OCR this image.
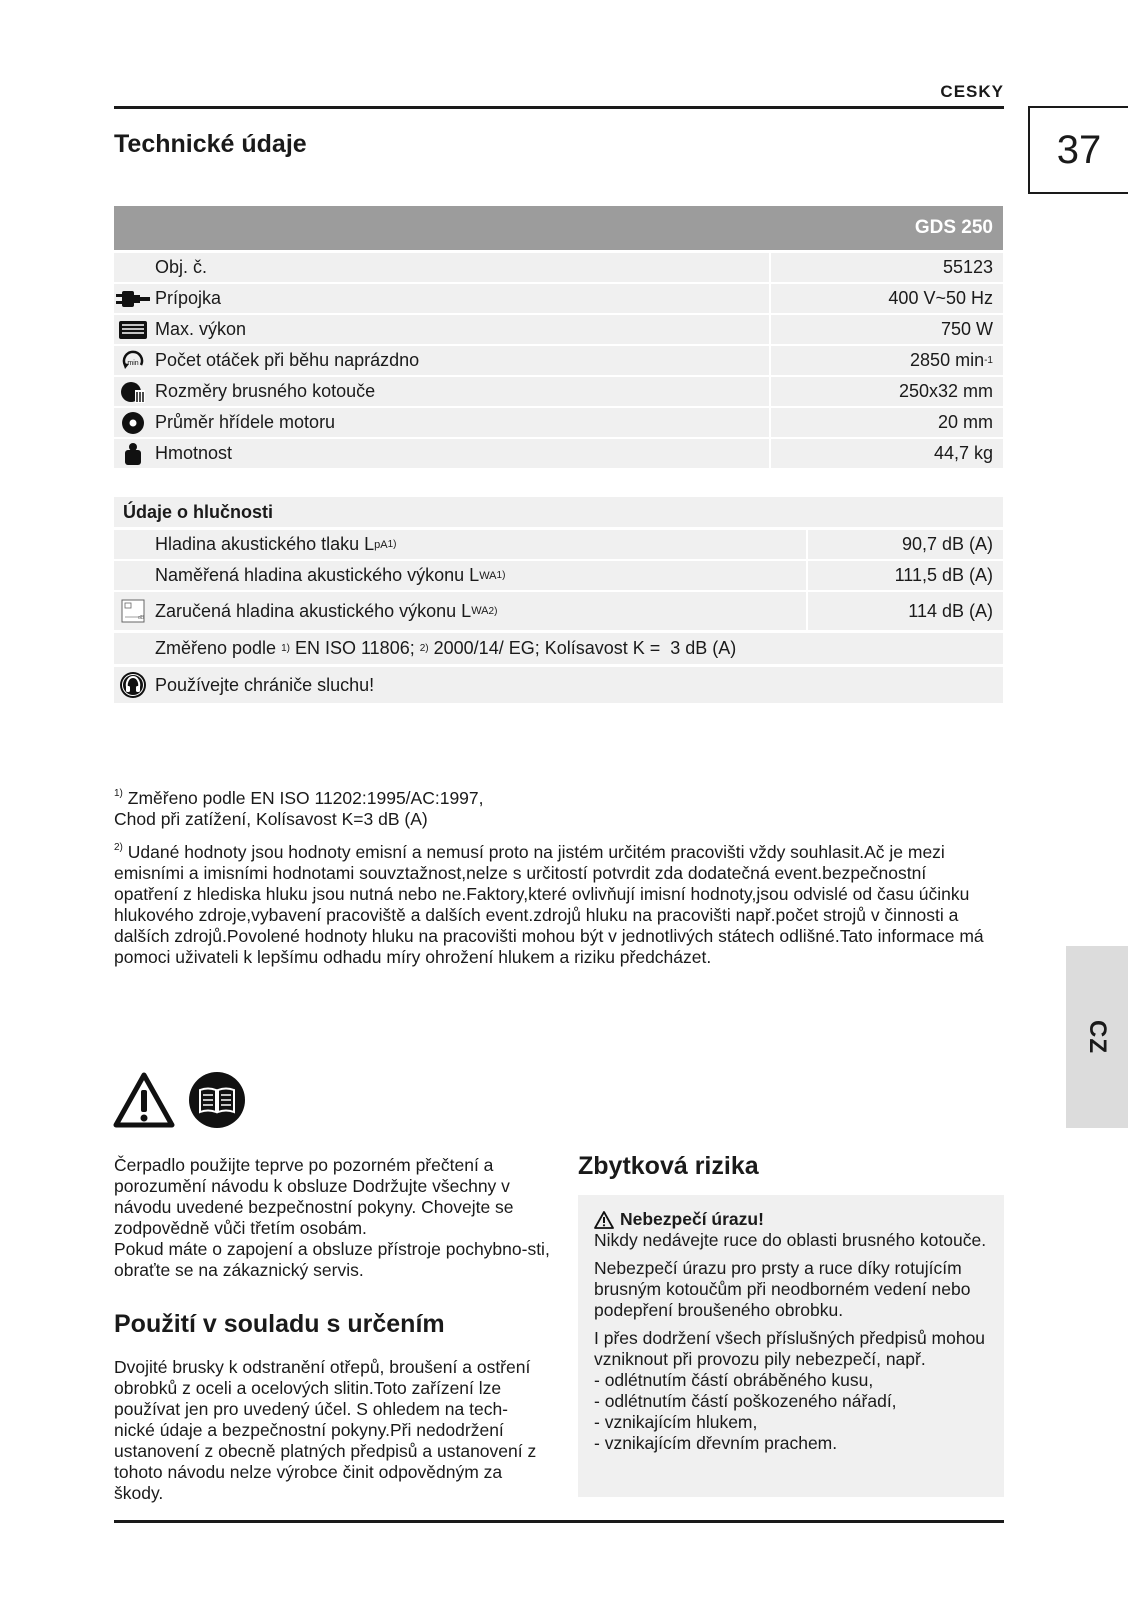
CESKY
37
Technické údaje
GDS 250
Obj. č.	55123
Prípojka	400 V~50 Hz
Max. výkon	750 W
min Počet otáček při běhu naprázdno	2850 min -1
Rozměry brusného kotouče	250x32 mm
Průměr hřídele motoru	20 mm
Hmotnost	44,7 kg
Údaje o hlučnosti
Hladina akustického tlaku L pA 1)	90,7 dB (A)
Naměřená hladina akustického výkonu L WA 1)	111,5 dB (A)
dB Zaručená hladina akustického výkonu L WA 2)	114 dB (A)
Změřeno podle 1) EN ISO 11806; 2) 2000/14/ EG; Kolísavost K =  3 dB (A)
Používejte chrániče sluchu!
$^{1)}$ Změřeno podle EN ISO 11202:1995/AC:1997,
Chod při zatížení, Kolísavost K=3 dB (A)
$^{2)}$ Udané hodnoty jsou hodnoty emisní a nemusí proto na jistém určitém pracovišti vždy souhlasit.Ač je mezi emisními a imisními hodnotami souvztažnost,nelze s určitostí potvrdit zda dodatečná event.bezpečnostní opatření z hlediska hluku jsou nutná nebo ne.Faktory,které ovlivňují imisní hodnoty,jsou odvislé od času účinku hlukového zdroje,vybavení pracoviště a dalších event.zdrojů hluku na pracovišti např.počet strojů v činnosti a dalších zdrojů.Povolené hodnoty hluku na pracovišti mohou být v jednotlivých státech odlišné.Tato informace má pomoci uživateli k lepšímu odhadu míry ohrožení hlukem a riziku předcházet.
Čerpadlo použijte teprve po pozorném přečtení a porozumění návodu k obsluze Dodržujte všechny v návodu uvedené bezpečnostní pokyny. Chovejte se zodpovědně vůči třetím osobám.
Pokud máte o zapojení a obsluze přístroje pochybno-sti, obraťte se na zákaznický servis.
Použití v souladu s určením
Dvojité brusky k odstranění otřepů, broušení a ostření obrobků z oceli a ocelových slitin.Toto zařízení lze používat jen pro uvedený účel. S ohledem na tech-nické údaje a bezpečnostní pokyny.Při nedodržení ustanovení z obecně platných předpisů a ustanovení z tohoto návodu nelze výrobce činit odpovědným za škody.
Zbytková rizika
Nebezpečí úrazu!
Nikdy nedávejte ruce do oblasti brusného kotouče.
Nebezpečí úrazu pro prsty a ruce díky rotujícím brusným kotoučům při neodborném vedení nebo podepření broušeného obrobku.
I přes dodržení všech příslušných předpisů mohou vzniknout při provozu pily nebezpečí, např.
- odlétnutím částí obráběného kusu,
- odlétnutím částí poškozeného nářadí,
- vznikajícím hlukem,
- vznikajícím dřevním prachem.
CZ
